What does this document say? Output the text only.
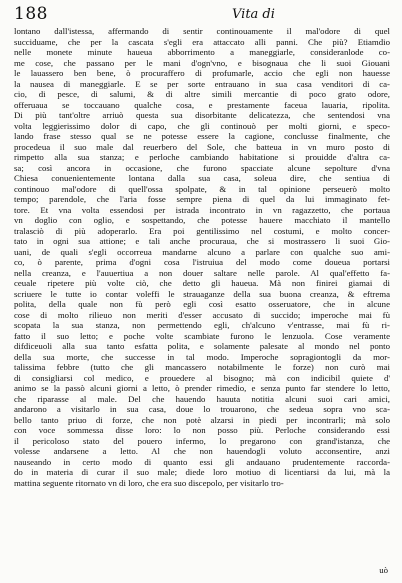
188	Vita di
lontano dall'istessa, affermando di sentir continouamente il mal'odore di quel
succiduame, che per la cascata s'egli era attaccato alli panni. Che più? Etiamdio
nelle monete minute haueua abborrimento a maneggiarle, consideranlode co-
me cose, che passano per le mani d'ogn'vno, e bisognaua che li suoi Giouani
le lauassero ben bene, ò procuraffero di profumarle, accio che egli non hauesse
la nausea di maneggiarle. E se per sorte entrauano in sua casa venditori di ca-
cio, di pesce, di salumi, & di altre simili mercantie di poco grato odore,
offeruaua se toccauano qualche cosa, e prestamente faceua lauaria, ripolita.
Di più tant'oltre arriuò questa sua disorbitante delicatezza, che sentendosi vna
volta leggierissimo dolor di capo, che gli continouò per molti giorni, e speco-
lando frase stesso qual se ne potesse essere la cagione, conclusse finalmente, che
procedeua il suo male dal reuerbero del Sole, che batteua in vn muro posto di
rimpetto alla sua stanza; e perloche cambiando habitatione si prouidde d'altra ca-
sa; così ancora in occasione, che furono spacciate alcune sepolture d'vna
Chiesa conuenientemente lontana dalla sua casa, soleua dire, che sentiua di
continouo mal'odore di quell'ossa spolpate, & in tal opinione perseuerò molto
tempo; parendole, che l'aria fosse sempre piena di quel da lui immaginato fet-
tore. Et vna volta essendosi per istrada incontrato in vn ragazzetto, che portaua
vn doglio con oglio, e sospettando, che potesse hauere macchiato il mantello
tralasciò di più adoperarlo. Era poi gentilissimo nel costumi, e molto concer-
tato in ogni sua attione; e tali anche procuraua, che si mostrassero li suoi Gio-
uani, de quali s'egli occorreua mandarne alcuno a parlare con qualche suo ami-
co, ò parente, prima d'ogni cosa l'istruiua del modo come doueua portarsi
nella creanza, e l'auuertiua a non douer saltare nelle parole. Al qual'effetto fa-
ceuale ripetere più volte ciò, che detto gli haueua. Mà non finirei giamai di
scriuere le tutte io contar voleffi le strauaganze della sua buona creanza, & eftrema
polita, della quale non fù però egli così esatto osseruatore, che in alcune
cose di molto rilieuo non meriti d'esser accusato di succido; imperoche mai fù
scopata la sua stanza, non permettendo egli, ch'alcuno v'entrasse, mai fù ri-
fatto il suo letto; e poche volte scambiate furono le lenzuola. Cose veramente
difdiceuoli alla sua tanto esfatta polita, e solamente palesate al mondo nel ponto
della sua morte, che successe in tal modo. Imperoche sopragiontogli da mor-
talissima febbre (tutto che gli mancassero notabilmente le forze) non curò mai
di consigliarsi col medico, e prouedere al bisogno; mà con indicibil quiete d'
animo se la passò alcuni giorni a letto, ò prender rimedio, e senza punto far stendere lo letto,
che riparasse al male. Del che hauendo hauuta notitia alcuni suoi cari amici,
andarono a visitarlo in sua casa, doue lo trouarono, che sedeua sopra vno sca-
bello tanto priuo di forze, che non potè alzarsi in piedi per incontrarli; mà solo
con voce sommessa disse loro: lo non posso più. Perloche considerando essi
il pericoloso stato del pouero infermo, lo pregarono con grand'istanza, che
volesse andarsene a letto. Al che non hauendogli voluto acconsentire, anzi
nauseando in certo modo di quanto essi gli andauano prudentemente raccorda-
do in materia di curar il suo male; diede loro motiuo di licentiarsi da lui, mà la
mattina seguente ritornato vn di loro, che era suo discepolo, per visitarlo tro-
uò
